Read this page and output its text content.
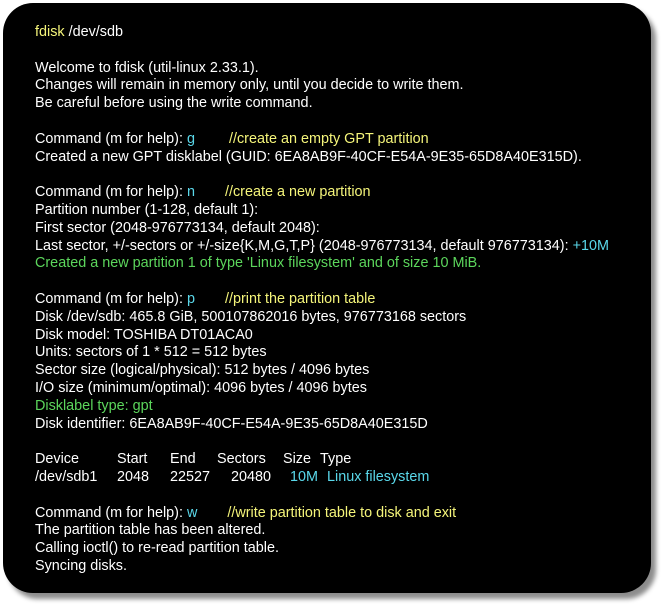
fdisk /dev/sdb
Welcome to fdisk (util-linux 2.33.1).
Changes will remain in memory only, until you decide to write them.
Be careful before using the write command.
Command (m for help): g //create an empty GPT partition
Created a new GPT disklabel (GUID: 6EA8AB9F-40CF-E54A-9E35-65D8A40E315D).
Command (m for help): n //create a new partition
Partition number (1-128, default 1):
First sector (2048-976773134, default 2048):
Last sector, +/-sectors or +/-size{K,M,G,T,P} (2048-976773134, default 976773134): +10M
Created a new partition 1 of type 'Linux filesystem' and of size 10 MiB.
Command (m for help): p //print the partition table
Disk /dev/sdb: 465.8 GiB, 500107862016 bytes, 976773168 sectors
Disk model: TOSHIBA DT01ACA0
Units: sectors of 1 * 512 = 512 bytes
Sector size (logical/physical): 512 bytes / 4096 bytes
I/O size (minimum/optimal): 4096 bytes / 4096 bytes
Disklabel type: gpt
Disk identifier: 6EA8AB9F-40CF-E54A-9E35-65D8A40E315D
Device	Start End Sectors Size Type
/dev/sdb1 2048 22527 20480 10M Linux filesystem
Command (m for help): w //write partition table to disk and exit
The partition table has been altered.
Calling ioctl() to re-read partition table.
Syncing disks.
